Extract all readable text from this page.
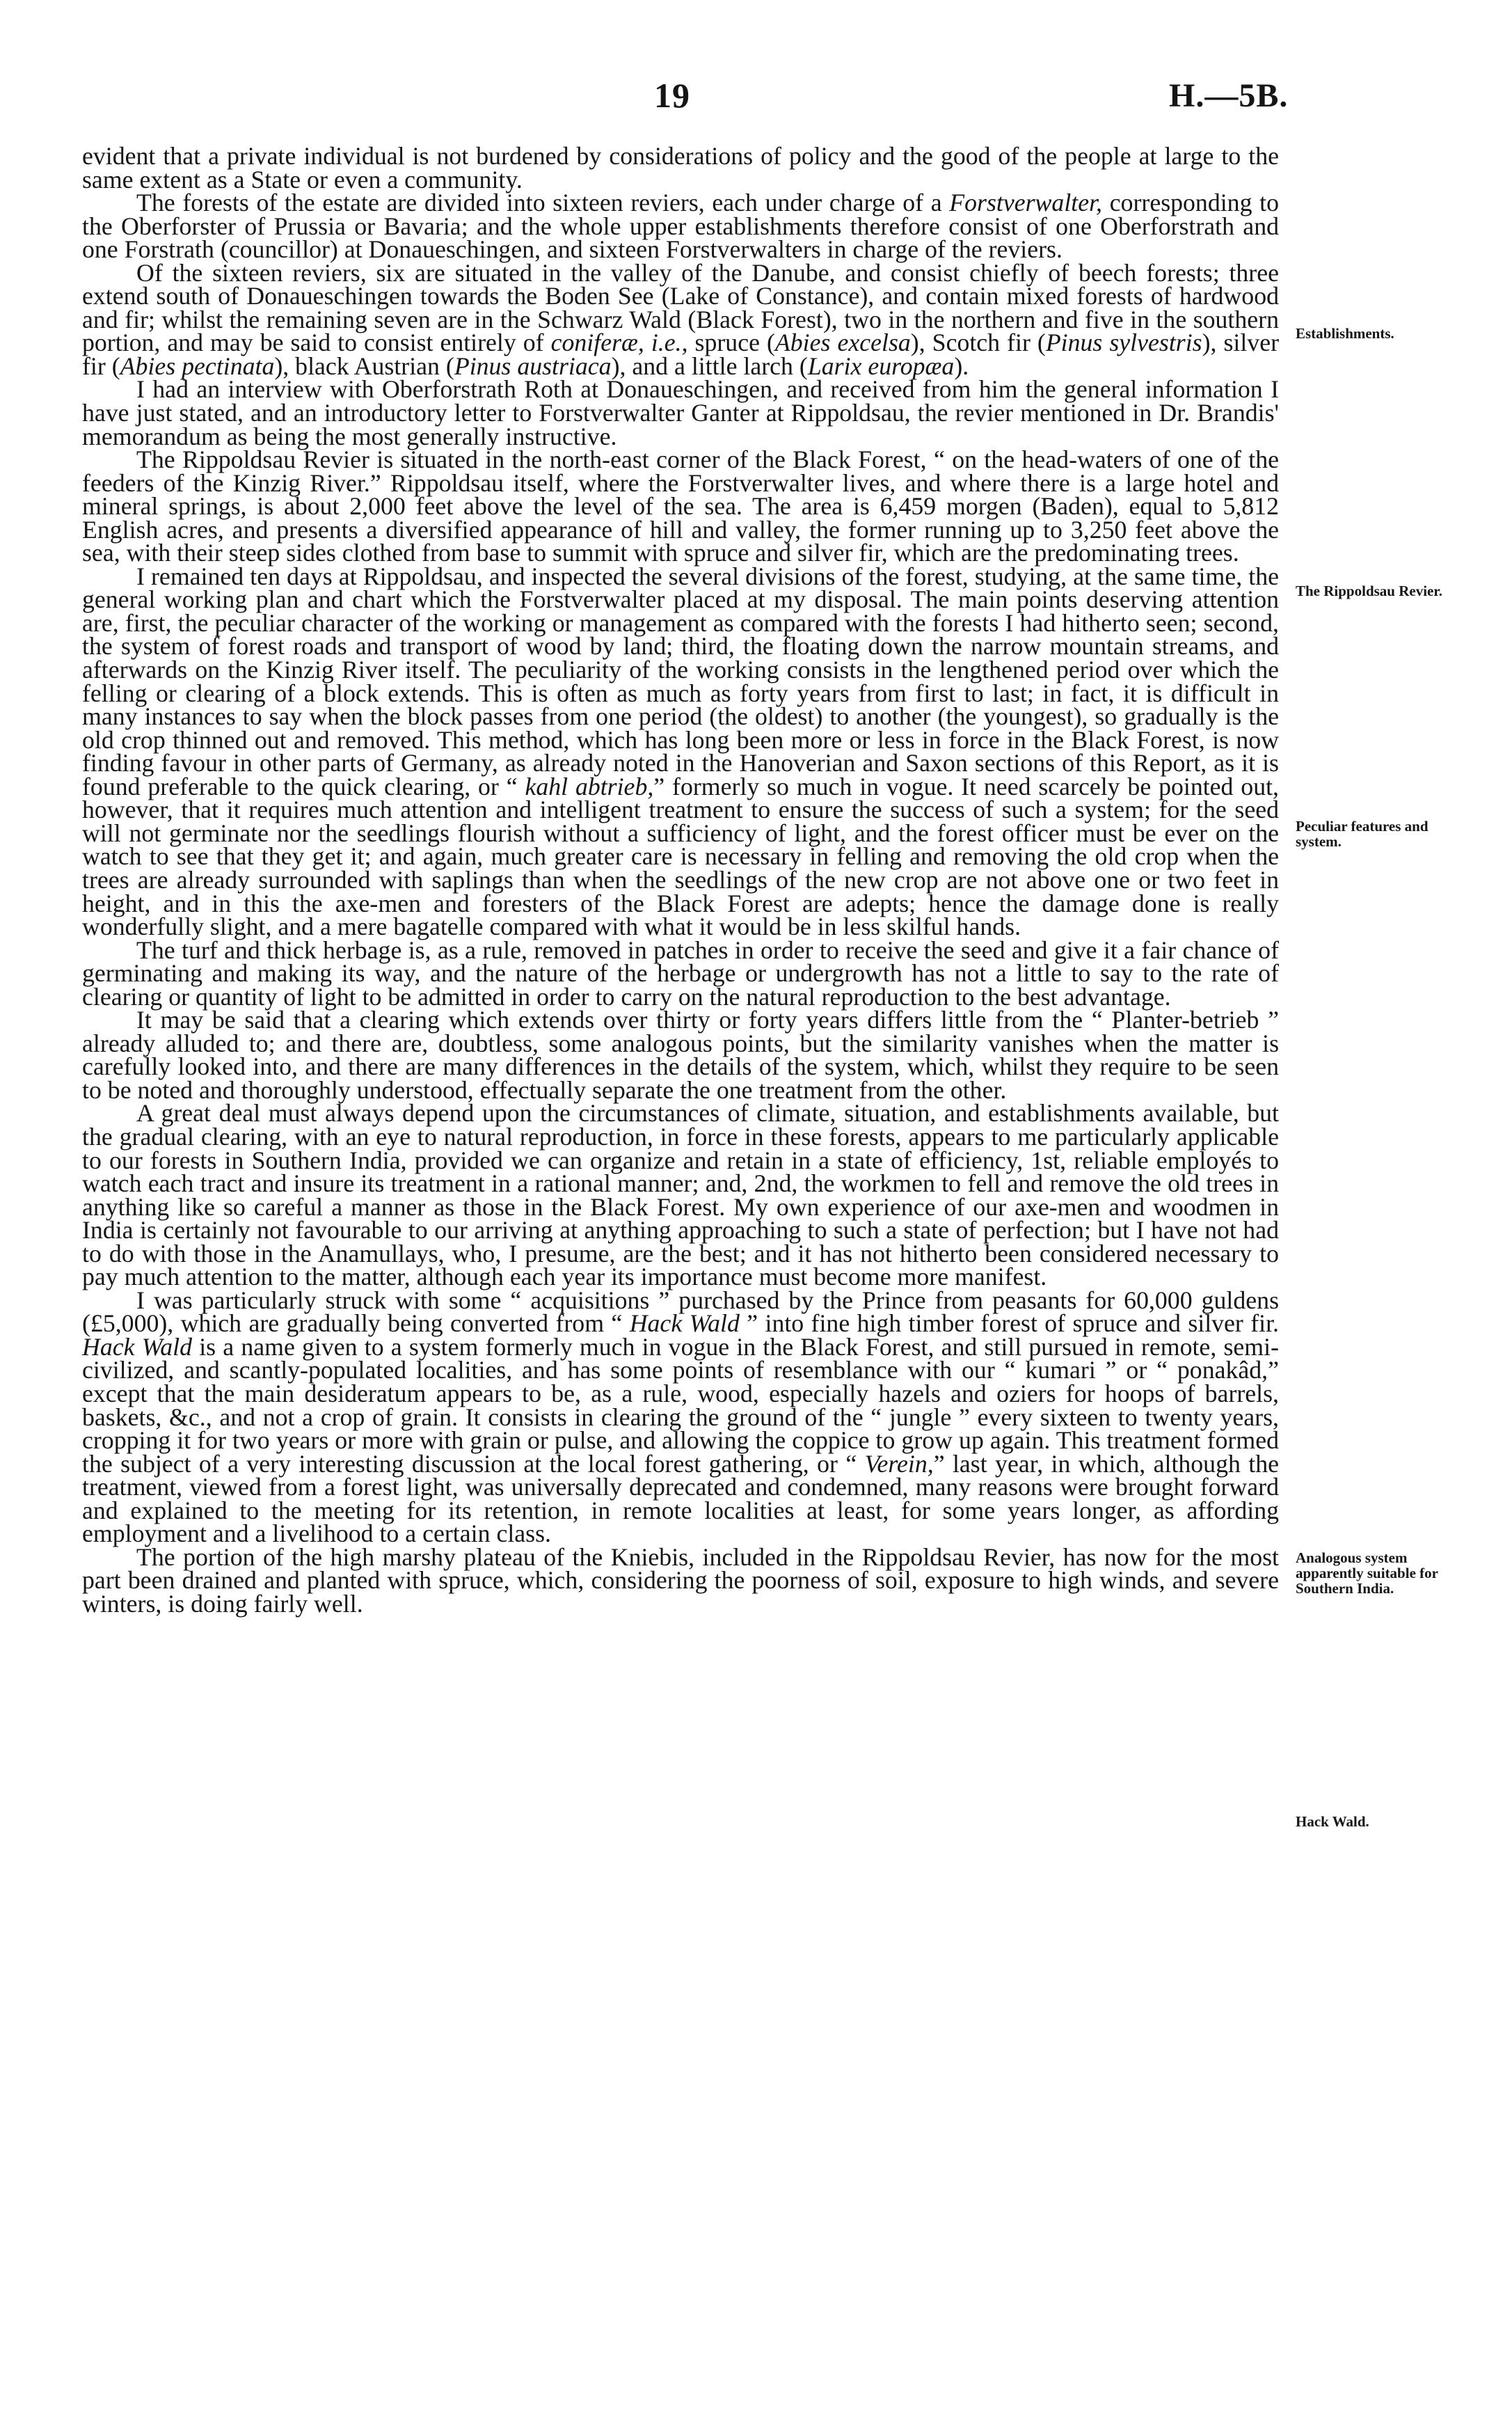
19	H.—5B.

evident that a private individual is not burdened by considerations of policy and the good of the people at large to the same extent as a State or even a community.

The forests of the estate are divided into sixteen reviers, each under charge of a Forstverwalter, corresponding to the Oberforster of Prussia or Bavaria; and the whole upper establishments therefore consist of one Oberforstrath and one Forstrath (councillor) at Donaueschingen, and sixteen Forstverwalters in charge of the reviers.

Of the sixteen reviers, six are situated in the valley of the Danube, and consist chiefly of beech forests; three extend south of Donaueschingen towards the Boden See (Lake of Constance), and contain mixed forests of hardwood and fir; whilst the remaining seven are in the Schwarz Wald (Black Forest), two in the northern and five in the southern portion, and may be said to consist entirely of coniferæ, i.e., spruce (Abies excelsa), Scotch fir (Pinus sylvestris), silver fir (Abies pectinata), black Austrian (Pinus austriaca), and a little larch (Larix europæa).

I had an interview with Oberforstrath Roth at Donaueschingen, and received from him the general information I have just stated, and an introductory letter to Forstverwalter Ganter at Rippoldsau, the revier mentioned in Dr. Brandis' memorandum as being the most generally instructive.

The Rippoldsau Revier is situated in the north-east corner of the Black Forest, “ on the head-waters of one of the feeders of the Kinzig River.” Rippoldsau itself, where the Forstverwalter lives, and where there is a large hotel and mineral springs, is about 2,000 feet above the level of the sea. The area is 6,459 morgen (Baden), equal to 5,812 English acres, and presents a diversified appearance of hill and valley, the former running up to 3,250 feet above the sea, with their steep sides clothed from base to summit with spruce and silver fir, which are the predominating trees.

I remained ten days at Rippoldsau, and inspected the several divisions of the forest, studying, at the same time, the general working plan and chart which the Forstverwalter placed at my disposal. The main points deserving attention are, first, the peculiar character of the working or management as compared with the forests I had hitherto seen; second, the system of forest roads and transport of wood by land; third, the floating down the narrow mountain streams, and afterwards on the Kinzig River itself. The peculiarity of the working consists in the lengthened period over which the felling or clearing of a block extends. This is often as much as forty years from first to last; in fact, it is difficult in many instances to say when the block passes from one period (the oldest) to another (the youngest), so gradually is the old crop thinned out and removed. This method, which has long been more or less in force in the Black Forest, is now finding favour in other parts of Germany, as already noted in the Hanoverian and Saxon sections of this Report, as it is found preferable to the quick clearing, or “ kahl abtrieb,” formerly so much in vogue. It need scarcely be pointed out, however, that it requires much attention and intelligent treatment to ensure the success of such a system; for the seed will not germinate nor the seedlings flourish without a sufficiency of light, and the forest officer must be ever on the watch to see that they get it; and again, much greater care is necessary in felling and removing the old crop when the trees are already surrounded with saplings than when the seedlings of the new crop are not above one or two feet in height, and in this the axe-men and foresters of the Black Forest are adepts; hence the damage done is really wonderfully slight, and a mere bagatelle compared with what it would be in less skilful hands.

The turf and thick herbage is, as a rule, removed in patches in order to receive the seed and give it a fair chance of germinating and making its way, and the nature of the herbage or undergrowth has not a little to say to the rate of clearing or quantity of light to be admitted in order to carry on the natural reproduction to the best advantage.

It may be said that a clearing which extends over thirty or forty years differs little from the “ Planter-betrieb ” already alluded to; and there are, doubtless, some analogous points, but the similarity vanishes when the matter is carefully looked into, and there are many differences in the details of the system, which, whilst they require to be seen to be noted and thoroughly understood, effectually separate the one treatment from the other.

A great deal must always depend upon the circumstances of climate, situation, and establishments available, but the gradual clearing, with an eye to natural reproduction, in force in these forests, appears to me particularly applicable to our forests in Southern India, provided we can organize and retain in a state of efficiency, 1st, reliable employés to watch each tract and insure its treatment in a rational manner; and, 2nd, the workmen to fell and remove the old trees in anything like so careful a manner as those in the Black Forest. My own experience of our axe-men and woodmen in India is certainly not favourable to our arriving at anything approaching to such a state of perfection; but I have not had to do with those in the Anamullays, who, I presume, are the best; and it has not hitherto been considered necessary to pay much attention to the matter, although each year its importance must become more manifest.

I was particularly struck with some “ acquisitions ” purchased by the Prince from peasants for 60,000 guldens (£5,000), which are gradually being converted from “ Hack Wald ” into fine high timber forest of spruce and silver fir. Hack Wald is a name given to a system formerly much in vogue in the Black Forest, and still pursued in remote, semi-civilized, and scantly-populated localities, and has some points of resemblance with our “ kumari ” or “ ponakâd,” except that the main desideratum appears to be, as a rule, wood, especially hazels and oziers for hoops of barrels, baskets, &c., and not a crop of grain. It consists in clearing the ground of the “ jungle ” every sixteen to twenty years, cropping it for two years or more with grain or pulse, and allowing the coppice to grow up again. This treatment formed the subject of a very interesting discussion at the local forest gathering, or “ Verein,” last year, in which, although the treatment, viewed from a forest light, was universally deprecated and condemned, many reasons were brought forward and explained to the meeting for its retention, in remote localities at least, for some years longer, as affording employment and a livelihood to a certain class.

The portion of the high marshy plateau of the Kniebis, included in the Rippoldsau Revier, has now for the most part been drained and planted with spruce, which, considering the poorness of soil, exposure to high winds, and severe winters, is doing fairly well.

Establishments.
The Rippoldsau Revier.
Peculiar features and system.
Analogous system apparently suitable for Southern India.
Hack Wald.
